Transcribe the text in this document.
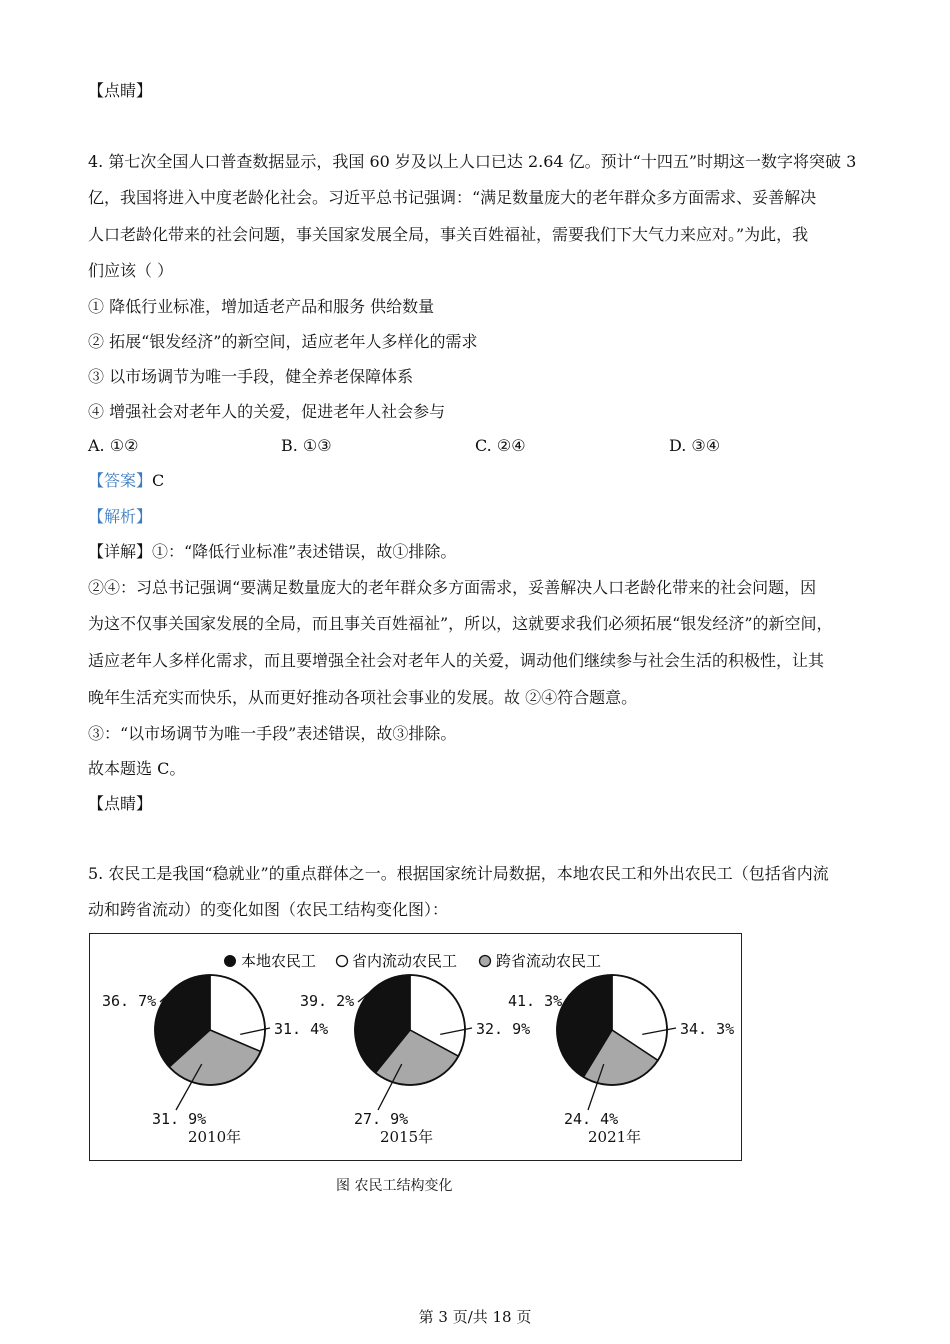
【点睛】
4. 第七次全国人口普查数据显示，我国 60 岁及以上人口已达 2.64 亿。预计“十四五”时期这一数字将突破 3
亿，我国将进入中度老龄化社会。习近平总书记强调：“满足数量庞大的老年群众多方面需求、妥善解决
人口老龄化带来的社会问题，事关国家发展全局，事关百姓福祉，需要我们下大气力来应对。”为此，我
们应该（ ）
① 降低行业标准，增加适老产品和服务 供给数量
② 拓展“银发经济”的新空间，适应老年人多样化的需求
③ 以市场调节为唯一手段，健全养老保障体系
④ 增强社会对老年人的关爱，促进老年人社会参与
A. ①②	B. ①③	C. ②④	D. ③④
【答案】C
【解析】
【详解】①：“降低行业标准”表述错误，故①排除。
②④：习总书记强调“要满足数量庞大的老年群众多方面需求，妥善解决人口老龄化带来的社会问题，因
为这不仅事关国家发展的全局，而且事关百姓福祉”，所以，这就要求我们必须拓展“银发经济”的新空间，
适应老年人多样化需求，而且要增强全社会对老年人的关爱，调动他们继续参与社会生活的积极性，让其
晚年生活充实而快乐，从而更好推动各项社会事业的发展。故 ②④符合题意。
③：“以市场调节为唯一手段”表述错误，故③排除。
故本题选 C。
【点睛】
5. 农民工是我国“稳就业”的重点群体之一。根据国家统计局数据，本地农民工和外出农民工（包括省内流
动和跨省流动）的变化如图（农民工结构变化图）：
本地农民工 省内流动农民工	跨省流动农民工
36. 7%
31. 4%
31. 9%
2010年
39. 2%
32. 9%
27. 9%
2015年
41. 3%
34. 3%
24. 4%
2021年
图 农民工结构变化
第 3 页/共 18 页
